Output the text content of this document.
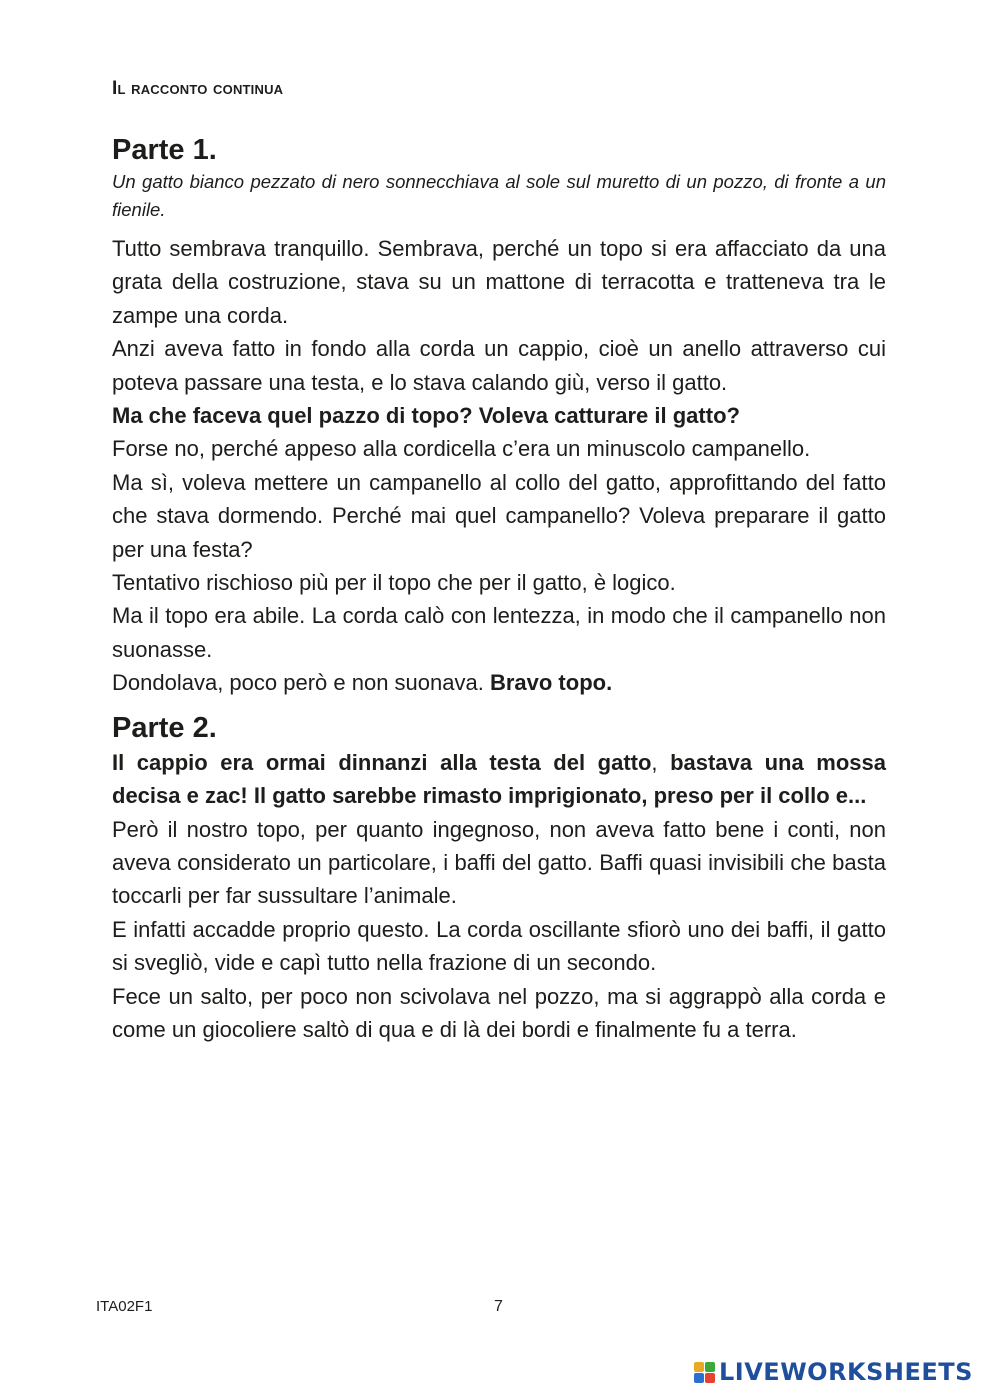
Il racconto continua
Parte 1.

Un gatto bianco pezzato di nero sonnecchiava al sole sul muretto di un pozzo, di fronte a un fienile.

Tutto sembrava tranquillo. Sembrava, perché un topo si era affacciato da una grata della costruzione, stava su un mattone di terracotta e tratteneva tra le zampe una corda.

Anzi aveva fatto in fondo alla corda un cappio, cioè un anello attraverso cui poteva passare una testa, e lo stava calando giù, verso il gatto.

Ma che faceva quel pazzo di topo? Voleva catturare il gatto?

Forse no, perché appeso alla cordicella c’era un minuscolo campanello.

Ma sì, voleva mettere un campanello al collo del gatto, approfittando del fatto che stava dormendo. Perché mai quel campanello? Voleva preparare il gatto per una festa?

Tentativo rischioso più per il topo che per il gatto, è logico.

Ma il topo era abile. La corda calò con lentezza, in modo che il campanello non suonasse.

Dondolava, poco però e non suonava. Bravo topo.

Parte 2.

Il cappio era ormai dinnanzi alla testa del gatto, bastava una mossa decisa e zac! Il gatto sarebbe rimasto imprigionato, preso per il collo e...

Però il nostro topo, per quanto ingegnoso, non aveva fatto bene i conti, non aveva considerato un particolare, i baffi del gatto. Baffi quasi invisibili che basta toccarli per far sussultare l’animale.

E infatti accadde proprio questo. La corda oscillante sfiorò uno dei baffi, il gatto si svegliò, vide e capì tutto nella frazione di un secondo.

Fece un salto, per poco non scivolava nel pozzo, ma si aggrappò alla corda e come un giocoliere saltò di qua e di là dei bordi e finalmente fu a terra.

ITA02F1	7
LIVEWORKSHEETS
